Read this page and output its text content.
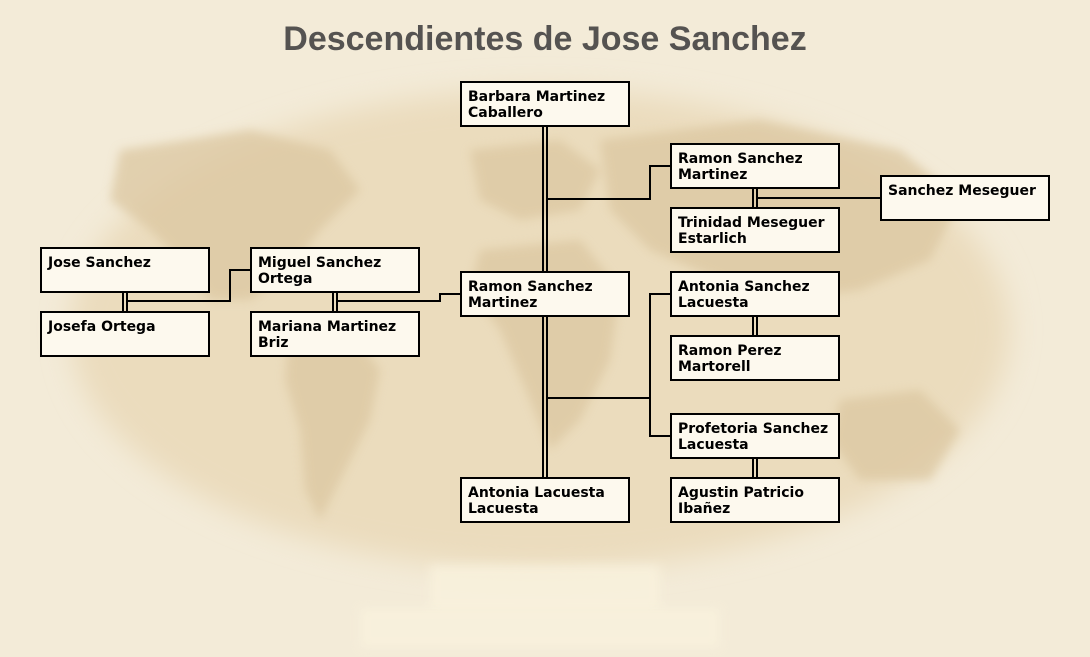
Descendientes de Jose Sanchez
Jose Sanchez
Josefa Ortega
Miguel Sanchez Ortega
Mariana Martinez Briz
Barbara Martinez Caballero
Ramon Sanchez Martinez
Antonia Lacuesta Lacuesta
Ramon Sanchez Martinez
Trinidad Meseguer Estarlich
Sanchez Meseguer
Antonia Sanchez Lacuesta
Ramon Perez Martorell
Profetoria Sanchez Lacuesta
Agustin Patricio Ibañez
